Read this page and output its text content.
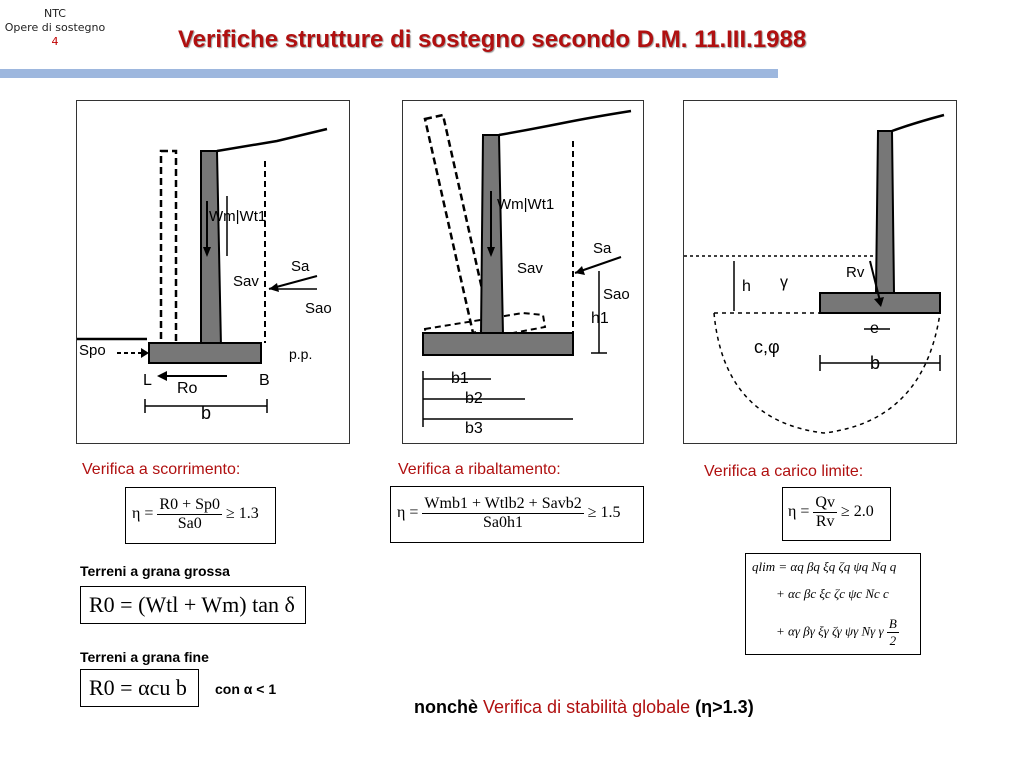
NTC
Opere di sostegno
4	Verifiche strutture di sostegno secondo D.M. 11.III.1988
Wm|Wt1
Sa
Sav
Sao
Spo
L Ro	B
p.p.
b
Wm|Wt1
Sa
Sav
Sao
h1
b1
b2
b3
Rv
γ
h
e
c,φ
b
Verifica a scorrimento:	Verifica a ribaltamento:	Verifica a carico limite:
$\eta = \frac{R0 + Sp0}{Sa0} \ge 1.3$	$\eta = \frac{\text{Wmb1 + Wtlb2 + Savb2}}{Sa0h1} \ge 1.5$	$\eta = \frac{Qv}{Rv} \ge 2.0$
Terreni a grana grossa
R0 = (Wtl + Wm) tan δ
Terreni a grana fine
R0 = αcu b con α < 1
qlim = αq βq ξq ζq ψq Nq q
+ αc βc ξc ζc ψc Nc c
+ αγ βγ ξγ ζγ ψγ Nγ γ $\frac{B}{2}$
nonchè Verifica di stabilità globale (η>1.3)
